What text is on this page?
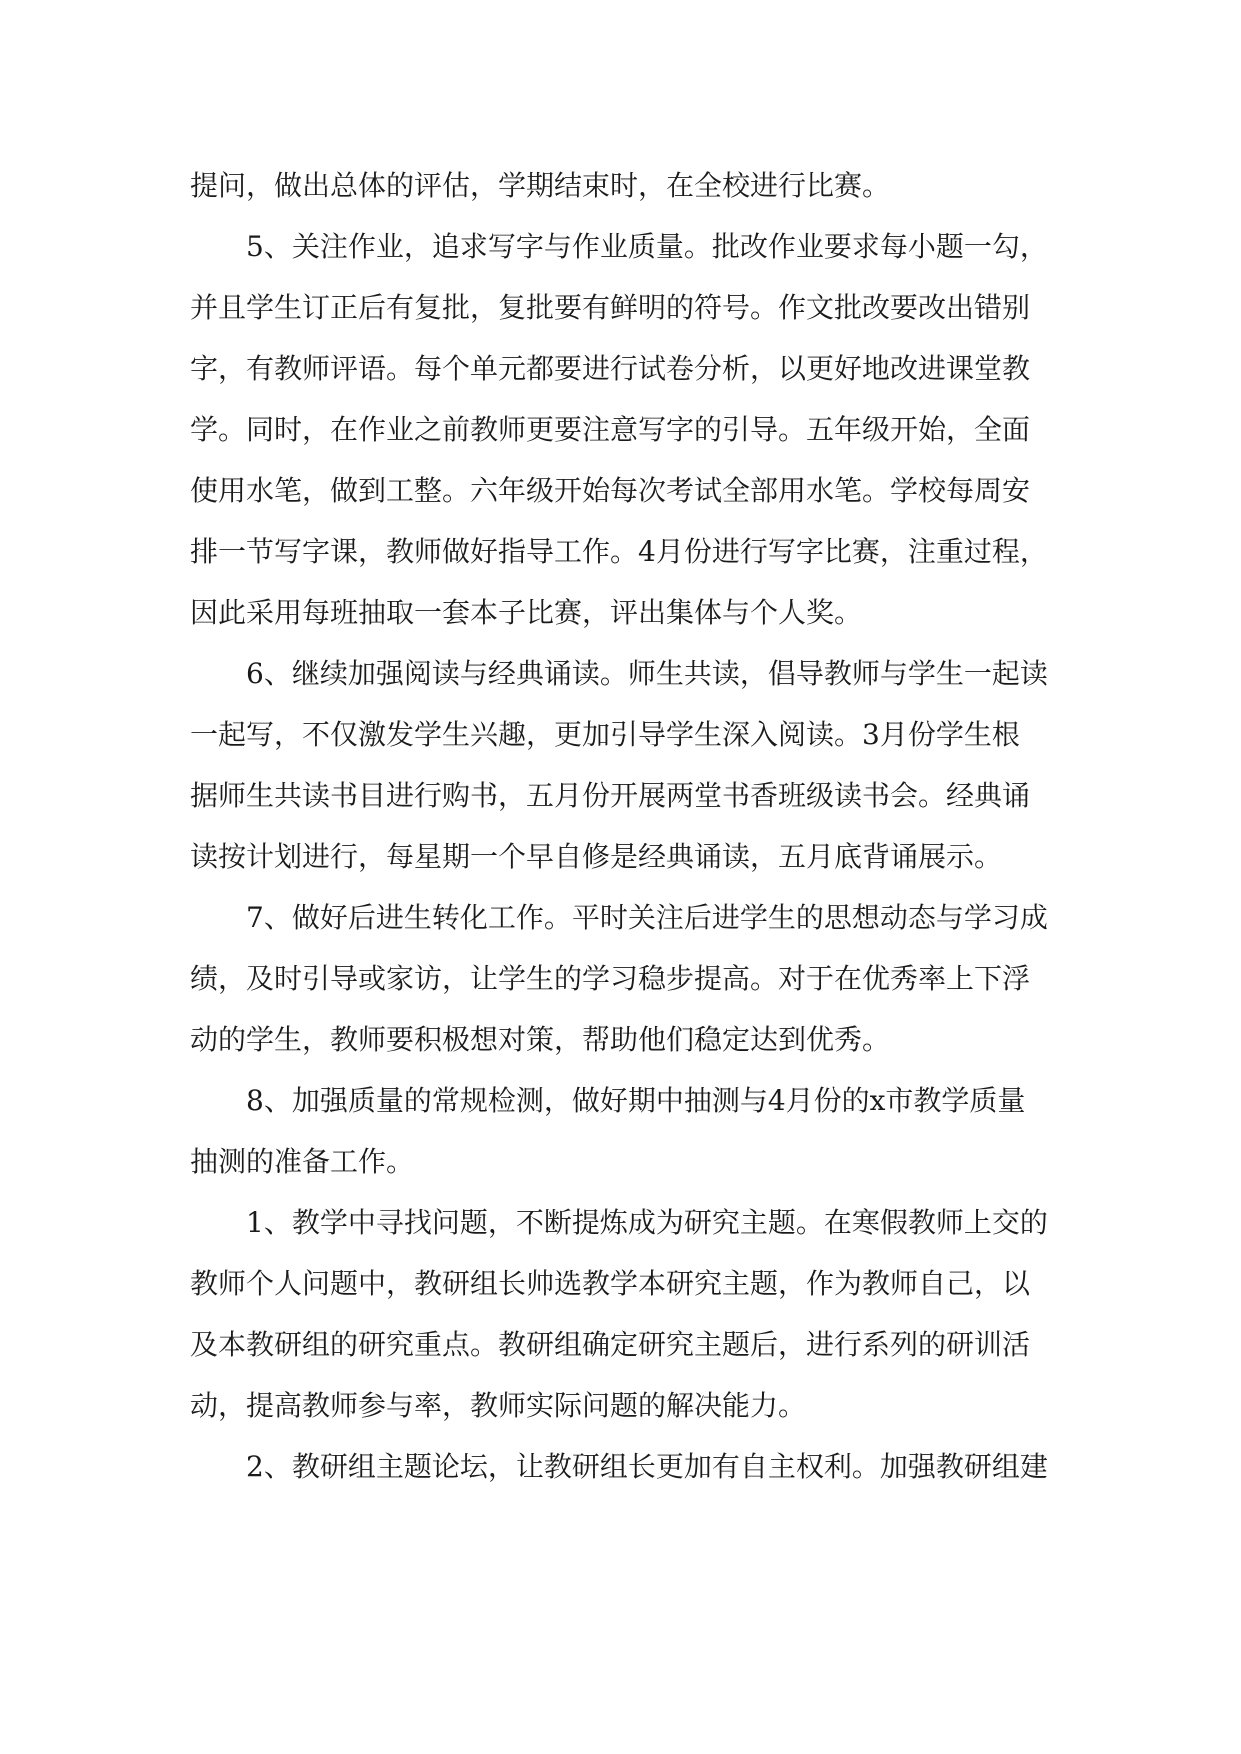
提问，做出总体的评估，学期结束时，在全校进行比赛。
　　5、关注作业，追求写字与作业质量。批改作业要求每小题一勾，
并且学生订正后有复批，复批要有鲜明的符号。作文批改要改出错别
字，有教师评语。每个单元都要进行试卷分析，以更好地改进课堂教
学。同时，在作业之前教师更要注意写字的引导。五年级开始，全面
使用水笔，做到工整。六年级开始每次考试全部用水笔。学校每周安
排一节写字课，教师做好指导工作。4月份进行写字比赛，注重过程，
因此采用每班抽取一套本子比赛，评出集体与个人奖。
　　6、继续加强阅读与经典诵读。师生共读，倡导教师与学生一起读
一起写，不仅激发学生兴趣，更加引导学生深入阅读。3月份学生根
据师生共读书目进行购书，五月份开展两堂书香班级读书会。经典诵
读按计划进行，每星期一个早自修是经典诵读，五月底背诵展示。
　　7、做好后进生转化工作。平时关注后进学生的思想动态与学习成
绩，及时引导或家访，让学生的学习稳步提高。对于在优秀率上下浮
动的学生，教师要积极想对策，帮助他们稳定达到优秀。
　　8、加强质量的常规检测，做好期中抽测与4月份的x市教学质量
抽测的准备工作。
　　1、教学中寻找问题，不断提炼成为研究主题。在寒假教师上交的
教师个人问题中，教研组长帅选教学本研究主题，作为教师自己，以
及本教研组的研究重点。教研组确定研究主题后，进行系列的研训活
动，提高教师参与率，教师实际问题的解决能力。
　　2、教研组主题论坛，让教研组长更加有自主权利。加强教研组建
